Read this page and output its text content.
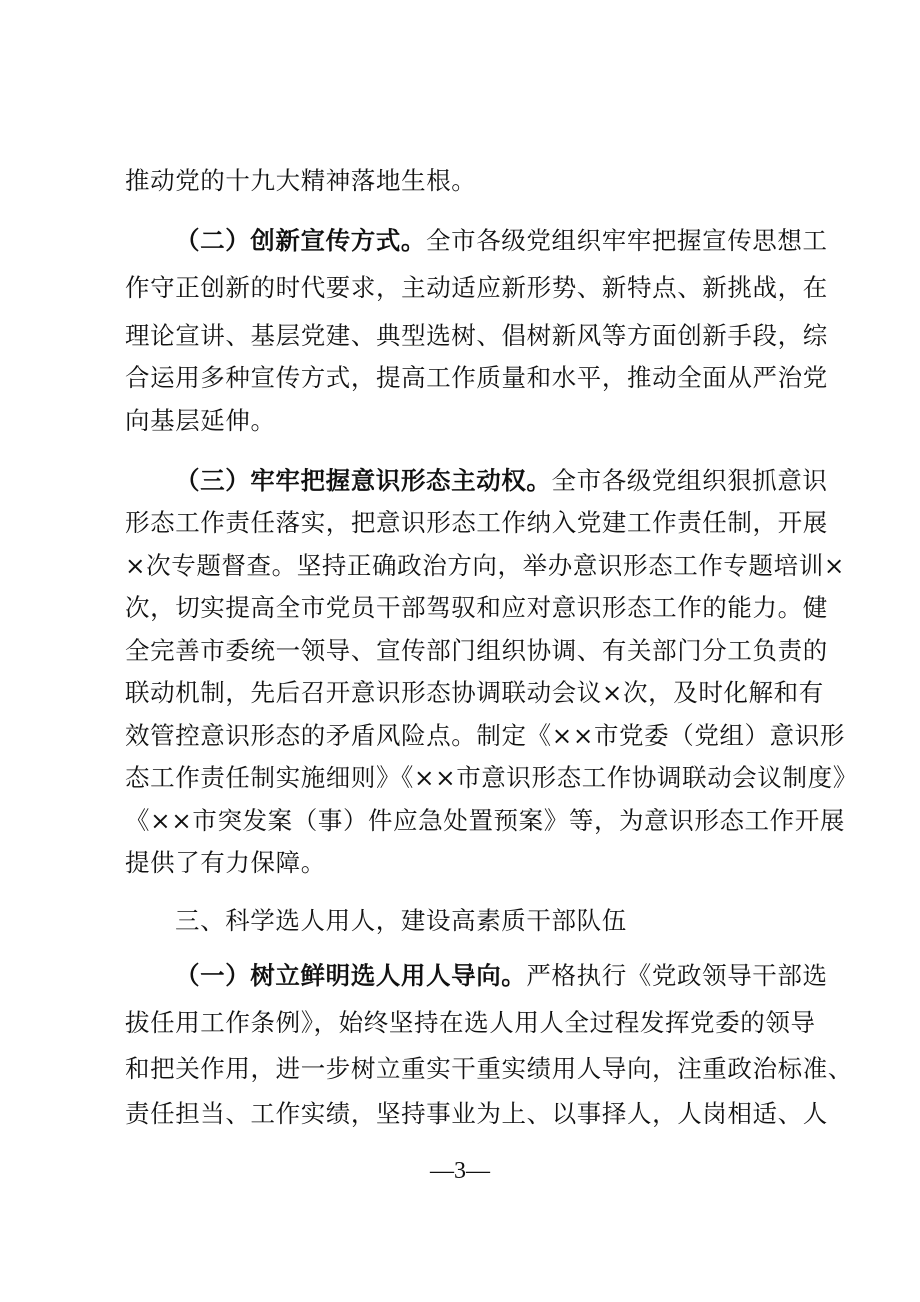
推动党的十九大精神落地生根。
（二）创新宣传方式。全市各级党组织牢牢把握宣传思想工
作守正创新的时代要求，主动适应新形势、新特点、新挑战，在
理论宣讲、基层党建、典型选树、倡树新风等方面创新手段，综
合运用多种宣传方式，提高工作质量和水平，推动全面从严治党
向基层延伸。
（三）牢牢把握意识形态主动权。全市各级党组织狠抓意识
形态工作责任落实，把意识形态工作纳入党建工作责任制，开展
×次专题督查。坚持正确政治方向，举办意识形态工作专题培训×
次，切实提高全市党员干部驾驭和应对意识形态工作的能力。健
全完善市委统一领导、宣传部门组织协调、有关部门分工负责的
联动机制，先后召开意识形态协调联动会议×次，及时化解和有
效管控意识形态的矛盾风险点。制定《××市党委（党组）意识形
态工作责任制实施细则》《××市意识形态工作协调联动会议制度》
《××市突发案（事）件应急处置预案》等，为意识形态工作开展
提供了有力保障。
三、科学选人用人，建设高素质干部队伍
（一）树立鲜明选人用人导向。严格执行《党政领导干部选
拔任用工作条例》，始终坚持在选人用人全过程发挥党委的领导
和把关作用，进一步树立重实干重实绩用人导向，注重政治标准、
责任担当、工作实绩，坚持事业为上、以事择人，人岗相适、人
—3—
